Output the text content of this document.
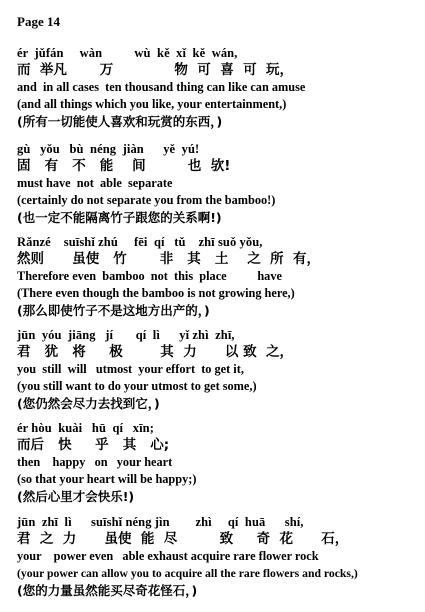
Page 14
ér  jǔfán     wàn          wù  kě  xǐ  kě  wán,
而  举凡       万             物  可  喜  可  玩，
and  in all cases  ten thousand thing can like can amuse
(and all things which you like, your entertainment,)
(所有一切能使人喜欢和玩赏的东西，)
gù   yǒu   bù  néng  jiàn      yě  yú!
固   有   不   能    间         也  欤!
must have  not  able  separate
(certainly do not separate you from the bamboo!)
(也一定不能隔离竹子跟您的关系啊!)
Rǎnzé    suīshǐ zhú     fēi  qí   tǔ    zhī suǒ yǒu,
然则      虽使   竹       非   其   土    之  所  有，
Therefore even  bamboo  not  this  place          have
(There even though the bamboo is not growing here,)
(那么即使竹子不是这地方出产的，)
jūn  yóu  jiāng   jí       qí  lì      yǐ zhì  zhī,
君   犹   将     极        其  力      以 致  之，
you  still  will   utmost  your effort  to get it,
(you still want to do your utmost to get some,)
(您仍然会尽力去找到它，)
ér hòu  kuài   hū  qí   xīn;
而后   快     乎   其   心;
then    happy   on   your heart
(so that your heart will be happy;)
(然后心里才会快乐!)
jūn  zhī  lì      suīshǐ néng jìn        zhì     qí  huā      shí,
君  之  力      虽使  能  尽         致     奇  花      石，
your    power even   able exhaust acquire rare flower rock
(your power can allow you to acquire all the rare flowers and rocks,)
(您的力量虽然能买尽奇花怪石，)
